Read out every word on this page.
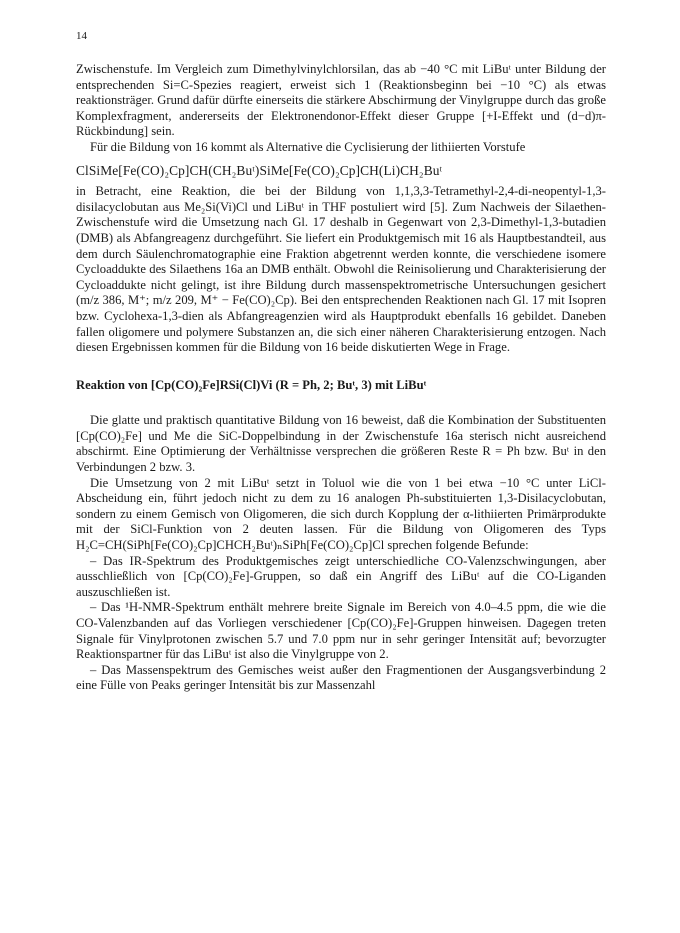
14

Zwischenstufe. Im Vergleich zum Dimethylvinylchlorsilan, das ab −40 °C mit LiBuᵗ unter Bildung der entsprechenden Si=C-Spezies reagiert, erweist sich 1 (Reaktionsbeginn bei −10 °C) als etwas reaktionsträger. Grund dafür dürfte einerseits die stärkere Abschirmung der Vinylgruppe durch das große Komplexfragment, andererseits der Elektronendonor-Effekt dieser Gruppe [+I-Effekt und (d−d)π-Rückbindung] sein.

Für die Bildung von 16 kommt als Alternative die Cyclisierung der lithiierten Vorstufe

ClSiMe[Fe(CO)₂Cp]CH(CH₂Buᵗ)SiMe[Fe(CO)₂Cp]CH(Li)CH₂Buᵗ

in Betracht, eine Reaktion, die bei der Bildung von 1,1,3,3-Tetramethyl-2,4-di-neopentyl-1,3-disilacyclobutan aus Me₂Si(Vi)Cl und LiBuᵗ in THF postuliert wird [5]. Zum Nachweis der Silaethen-Zwischenstufe wird die Umsetzung nach Gl. 17 deshalb in Gegenwart von 2,3-Dimethyl-1,3-butadien (DMB) als Abfangreagenz durchgeführt. Sie liefert ein Produktgemisch mit 16 als Hauptbestandteil, aus dem durch Säulenchromatographie eine Fraktion abgetrennt werden konnte, die verschiedene isomere Cycloaddukte des Silaethens 16a an DMB enthält. Obwohl die Reinisolierung und Charakterisierung der Cycloaddukte nicht gelingt, ist ihre Bildung durch massenspektrometrische Untersuchungen gesichert (m/z 386, M⁺; m/z 209, M⁺ − Fe(CO)₂Cp). Bei den entsprechenden Reaktionen nach Gl. 17 mit Isopren bzw. Cyclohexa-1,3-dien als Abfangreagenzien wird als Hauptprodukt ebenfalls 16 gebildet. Daneben fallen oligomere und polymere Substanzen an, die sich einer näheren Charakterisierung entzogen. Nach diesen Ergebnissen kommen für die Bildung von 16 beide diskutierten Wege in Frage.

Reaktion von [Cp(CO)₂Fe]RSi(Cl)Vi (R = Ph, 2; Buᵗ, 3) mit LiBuᵗ

Die glatte und praktisch quantitative Bildung von 16 beweist, daß die Kombination der Substituenten [Cp(CO)₂Fe] und Me die SiC-Doppelbindung in der Zwischenstufe 16a sterisch nicht ausreichend abschirmt. Eine Optimierung der Verhältnisse versprechen die größeren Reste R = Ph bzw. Buᵗ in den Verbindungen 2 bzw. 3.

Die Umsetzung von 2 mit LiBuᵗ setzt in Toluol wie die von 1 bei etwa −10 °C unter LiCl-Abscheidung ein, führt jedoch nicht zu dem zu 16 analogen Ph-substituierten 1,3-Disilacyclobutan, sondern zu einem Gemisch von Oligomeren, die sich durch Kopplung der α-lithiierten Primärprodukte mit der SiCl-Funktion von 2 deuten lassen. Für die Bildung von Oligomeren des Typs H₂C=CH(SiPh[Fe(CO)₂Cp]CHCH₂Buᵗ)ₙSiPh[Fe(CO)₂Cp]Cl sprechen folgende Befunde:

– Das IR-Spektrum des Produktgemisches zeigt unterschiedliche CO-Valenzschwingungen, aber ausschließlich von [Cp(CO)₂Fe]-Gruppen, so daß ein Angriff des LiBuᵗ auf die CO-Liganden auszuschließen ist.

– Das ¹H-NMR-Spektrum enthält mehrere breite Signale im Bereich von 4.0–4.5 ppm, die wie die CO-Valenzbanden auf das Vorliegen verschiedener [Cp(CO)₂Fe]-Gruppen hinweisen. Dagegen treten Signale für Vinylprotonen zwischen 5.7 und 7.0 ppm nur in sehr geringer Intensität auf; bevorzugter Reaktionspartner für das LiBuᵗ ist also die Vinylgruppe von 2.

– Das Massenspektrum des Gemisches weist außer den Fragmentionen der Ausgangsverbindung 2 eine Fülle von Peaks geringer Intensität bis zur Massenzahl
